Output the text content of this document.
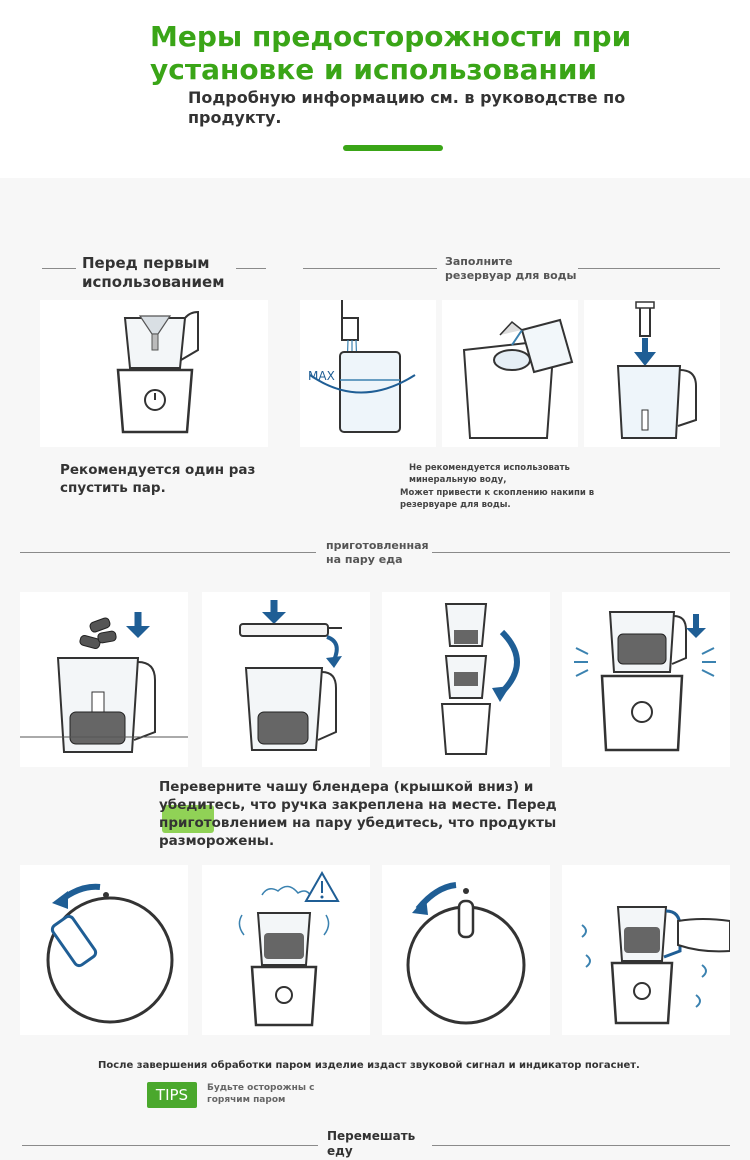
Меры предосторожности при установке и использовании
Подробную информацию см. в руководстве по продукту.
Перед первым использованием
Заполните резервуар для воды
MAX
Рекомендуется один раз спустить пар.
Не рекомендуется использовать минеральную воду,
Может привести к скоплению накипи в резервуаре для воды.
приготовленная на пару еда
Переверните чашу блендера (крышкой вниз) и убедитесь, что ручка закреплена на месте. Перед приготовлением на пару убедитесь, что продукты разморожены.
После завершения обработки паром изделие издаст звуковой сигнал и индикатор погаснет.
TIPS	Будьте осторожны с горячим паром
Перемешать еду
